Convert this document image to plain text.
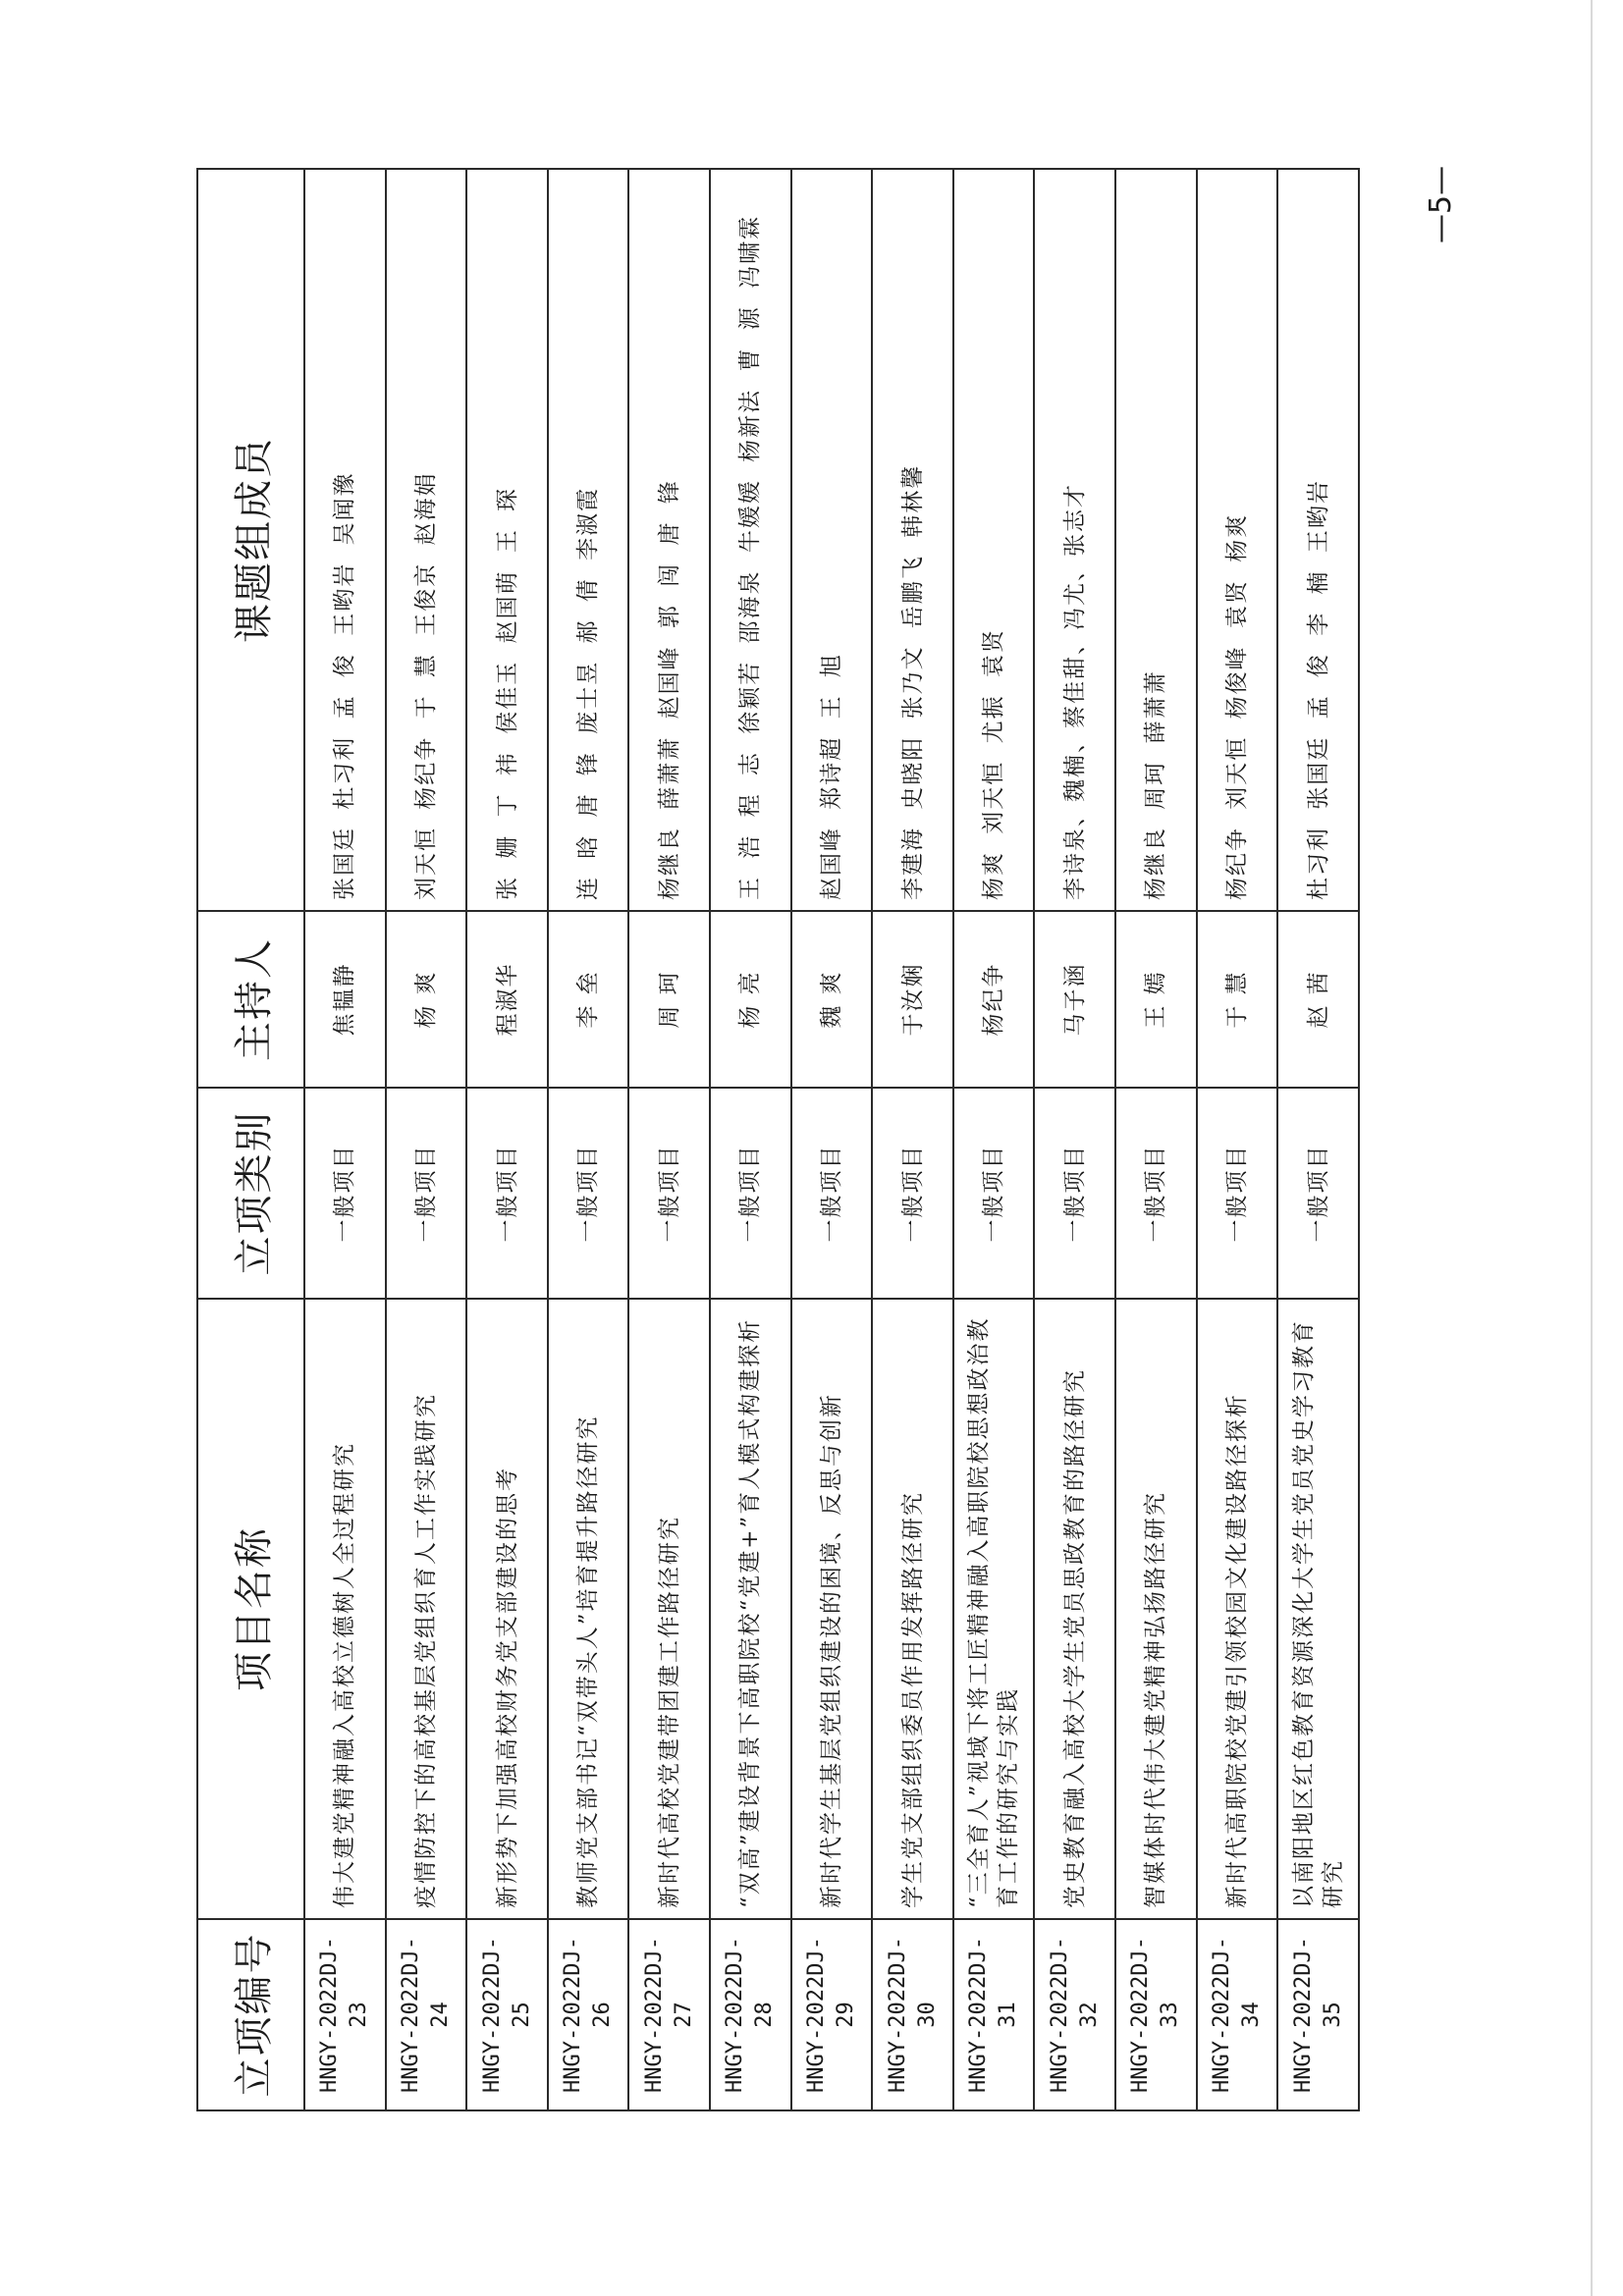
立项编号	项目名称	立项类别	主持人	课题组成员
HNGY-2022DJ-23	伟大建党精神融入高校立德树人全过程研究	一般项目	焦韫静	张国廷 杜习利 孟 俊 王哟岩 吴闻豫
HNGY-2022DJ-24	疫情防控下的高校基层党组织育人工作实践研究	一般项目	杨 爽	刘天恒 杨纪争 于 慧 王俊京 赵海娟
HNGY-2022DJ-25	新形势下加强高校财务党支部建设的思考	一般项目	程淑华	张 姗 丁 祎 侯佳玉 赵国萌 王 琛
HNGY-2022DJ-26	教师党支部书记“双带头人”培育提升路径研究	一般项目	李 垒	连 晗 唐 锋 庞士昱 郝 倩 李淑霞
HNGY-2022DJ-27	新时代高校党建带团建工作路径研究	一般项目	周 珂	杨继良 薛萧萧 赵国峰 郭 闯 唐 锋
HNGY-2022DJ-28	“双高”建设背景下高职院校“党建+”育人模式构建探析	一般项目	杨 亮	王 浩 程 志 徐颖若 邵海泉 牛媛媛 杨新法 曹 源 冯啸霖
HNGY-2022DJ-29	新时代学生基层党组织建设的困境、反思与创新	一般项目	魏 爽	赵国峰 郑诗超 王 旭
HNGY-2022DJ-30	学生党支部组织委员作用发挥路径研究	一般项目	于汝娴	李建海 史晓阳 张乃文 岳鹏飞 韩林馨
HNGY-2022DJ-31	“三全育人”视域下将工匠精神融入高职院校思想政治教育工作的研究与实践	一般项目	杨纪争	杨爽 刘天恒 尤振 袁贤
HNGY-2022DJ-32	党史教育融入高校大学生党员思政教育的路径研究	一般项目	马子涵	李诗泉、魏楠、蔡佳甜、冯尤、张志才
HNGY-2022DJ-33	智媒体时代伟大建党精神弘扬路径研究	一般项目	王 嫣	杨继良 周珂 薛萧萧
HNGY-2022DJ-34	新时代高职院校党建引领校园文化建设路径探析	一般项目	于 慧	杨纪争 刘天恒 杨俊峰 袁贤 杨爽
HNGY-2022DJ-35	以南阳地区红色教育资源深化大学生党员党史学习教育研究	一般项目	赵 茜	杜习利 张国廷 孟 俊 李 楠 王哟岩
—5—
